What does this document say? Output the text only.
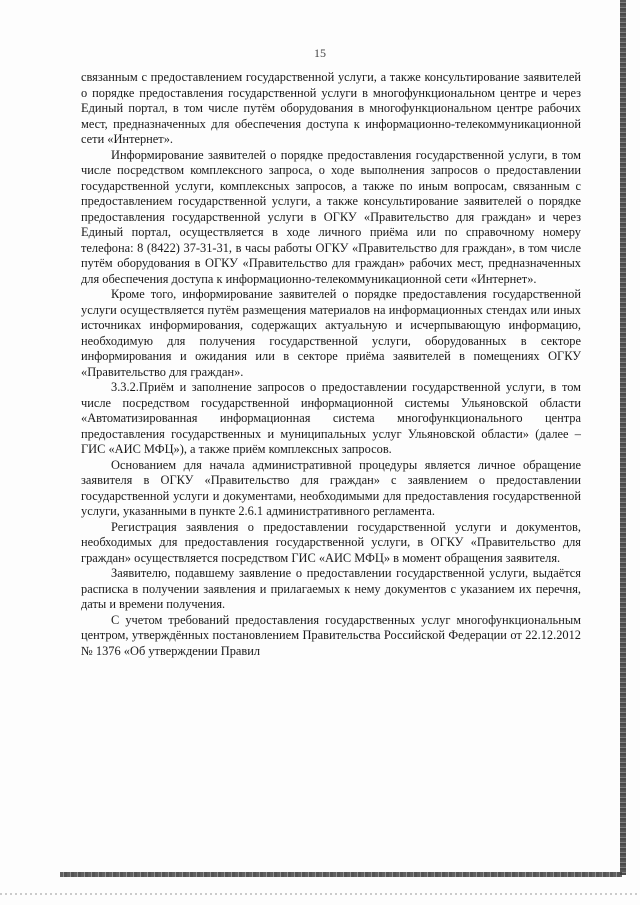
15

связанным с предоставлением государственной услуги, а также консультирование заявителей о порядке предоставления государственной услуги в многофункциональном центре и через Единый портал, в том числе путём оборудования в многофункциональном центре рабочих мест, предназначенных для обеспечения доступа к информационно-телекоммуникационной сети «Интернет».

Информирование заявителей о порядке предоставления государственной услуги, в том числе посредством комплексного запроса, о ходе выполнения запросов о предоставлении государственной услуги, комплексных запросов, а также по иным вопросам, связанным с предоставлением государственной услуги, а также консультирование заявителей о порядке предоставления государственной услуги в ОГКУ «Правительство для граждан» и через Единый портал, осуществляется в ходе личного приёма или по справочному номеру телефона: 8 (8422) 37-31-31, в часы работы ОГКУ «Правительство для граждан», в том числе путём оборудования в ОГКУ «Правительство для граждан» рабочих мест, предназначенных для обеспечения доступа к информационно-телекоммуникационной сети «Интернет».

Кроме того, информирование заявителей о порядке предоставления государственной услуги осуществляется путём размещения материалов на информационных стендах или иных источниках информирования, содержащих актуальную и исчерпывающую информацию, необходимую для получения государственной услуги, оборудованных в секторе информирования и ожидания или в секторе приёма заявителей в помещениях ОГКУ «Правительство для граждан».

3.3.2.Приём и заполнение запросов о предоставлении государственной услуги, в том числе посредством государственной информационной системы Ульяновской области «Автоматизированная информационная система многофункционального центра предоставления государственных и муниципальных услуг Ульяновской области» (далее – ГИС «АИС МФЦ»), а также приём комплексных запросов.

Основанием для начала административной процедуры является личное обращение заявителя в ОГКУ «Правительство для граждан» с заявлением о предоставлении государственной услуги и документами, необходимыми для предоставления государственной услуги, указанными в пункте 2.6.1 административного регламента.

Регистрация заявления о предоставлении государственной услуги и документов, необходимых для предоставления государственной услуги, в ОГКУ «Правительство для граждан» осуществляется посредством ГИС «АИС МФЦ» в момент обращения заявителя.

Заявителю, подавшему заявление о предоставлении государственной услуги, выдаётся расписка в получении заявления и прилагаемых к нему документов с указанием их перечня, даты и времени получения.

С учетом требований предоставления государственных услуг многофункциональным центром, утверждённых постановлением Правительства Российской Федерации от 22.12.2012 № 1376 «Об утверждении Правил
